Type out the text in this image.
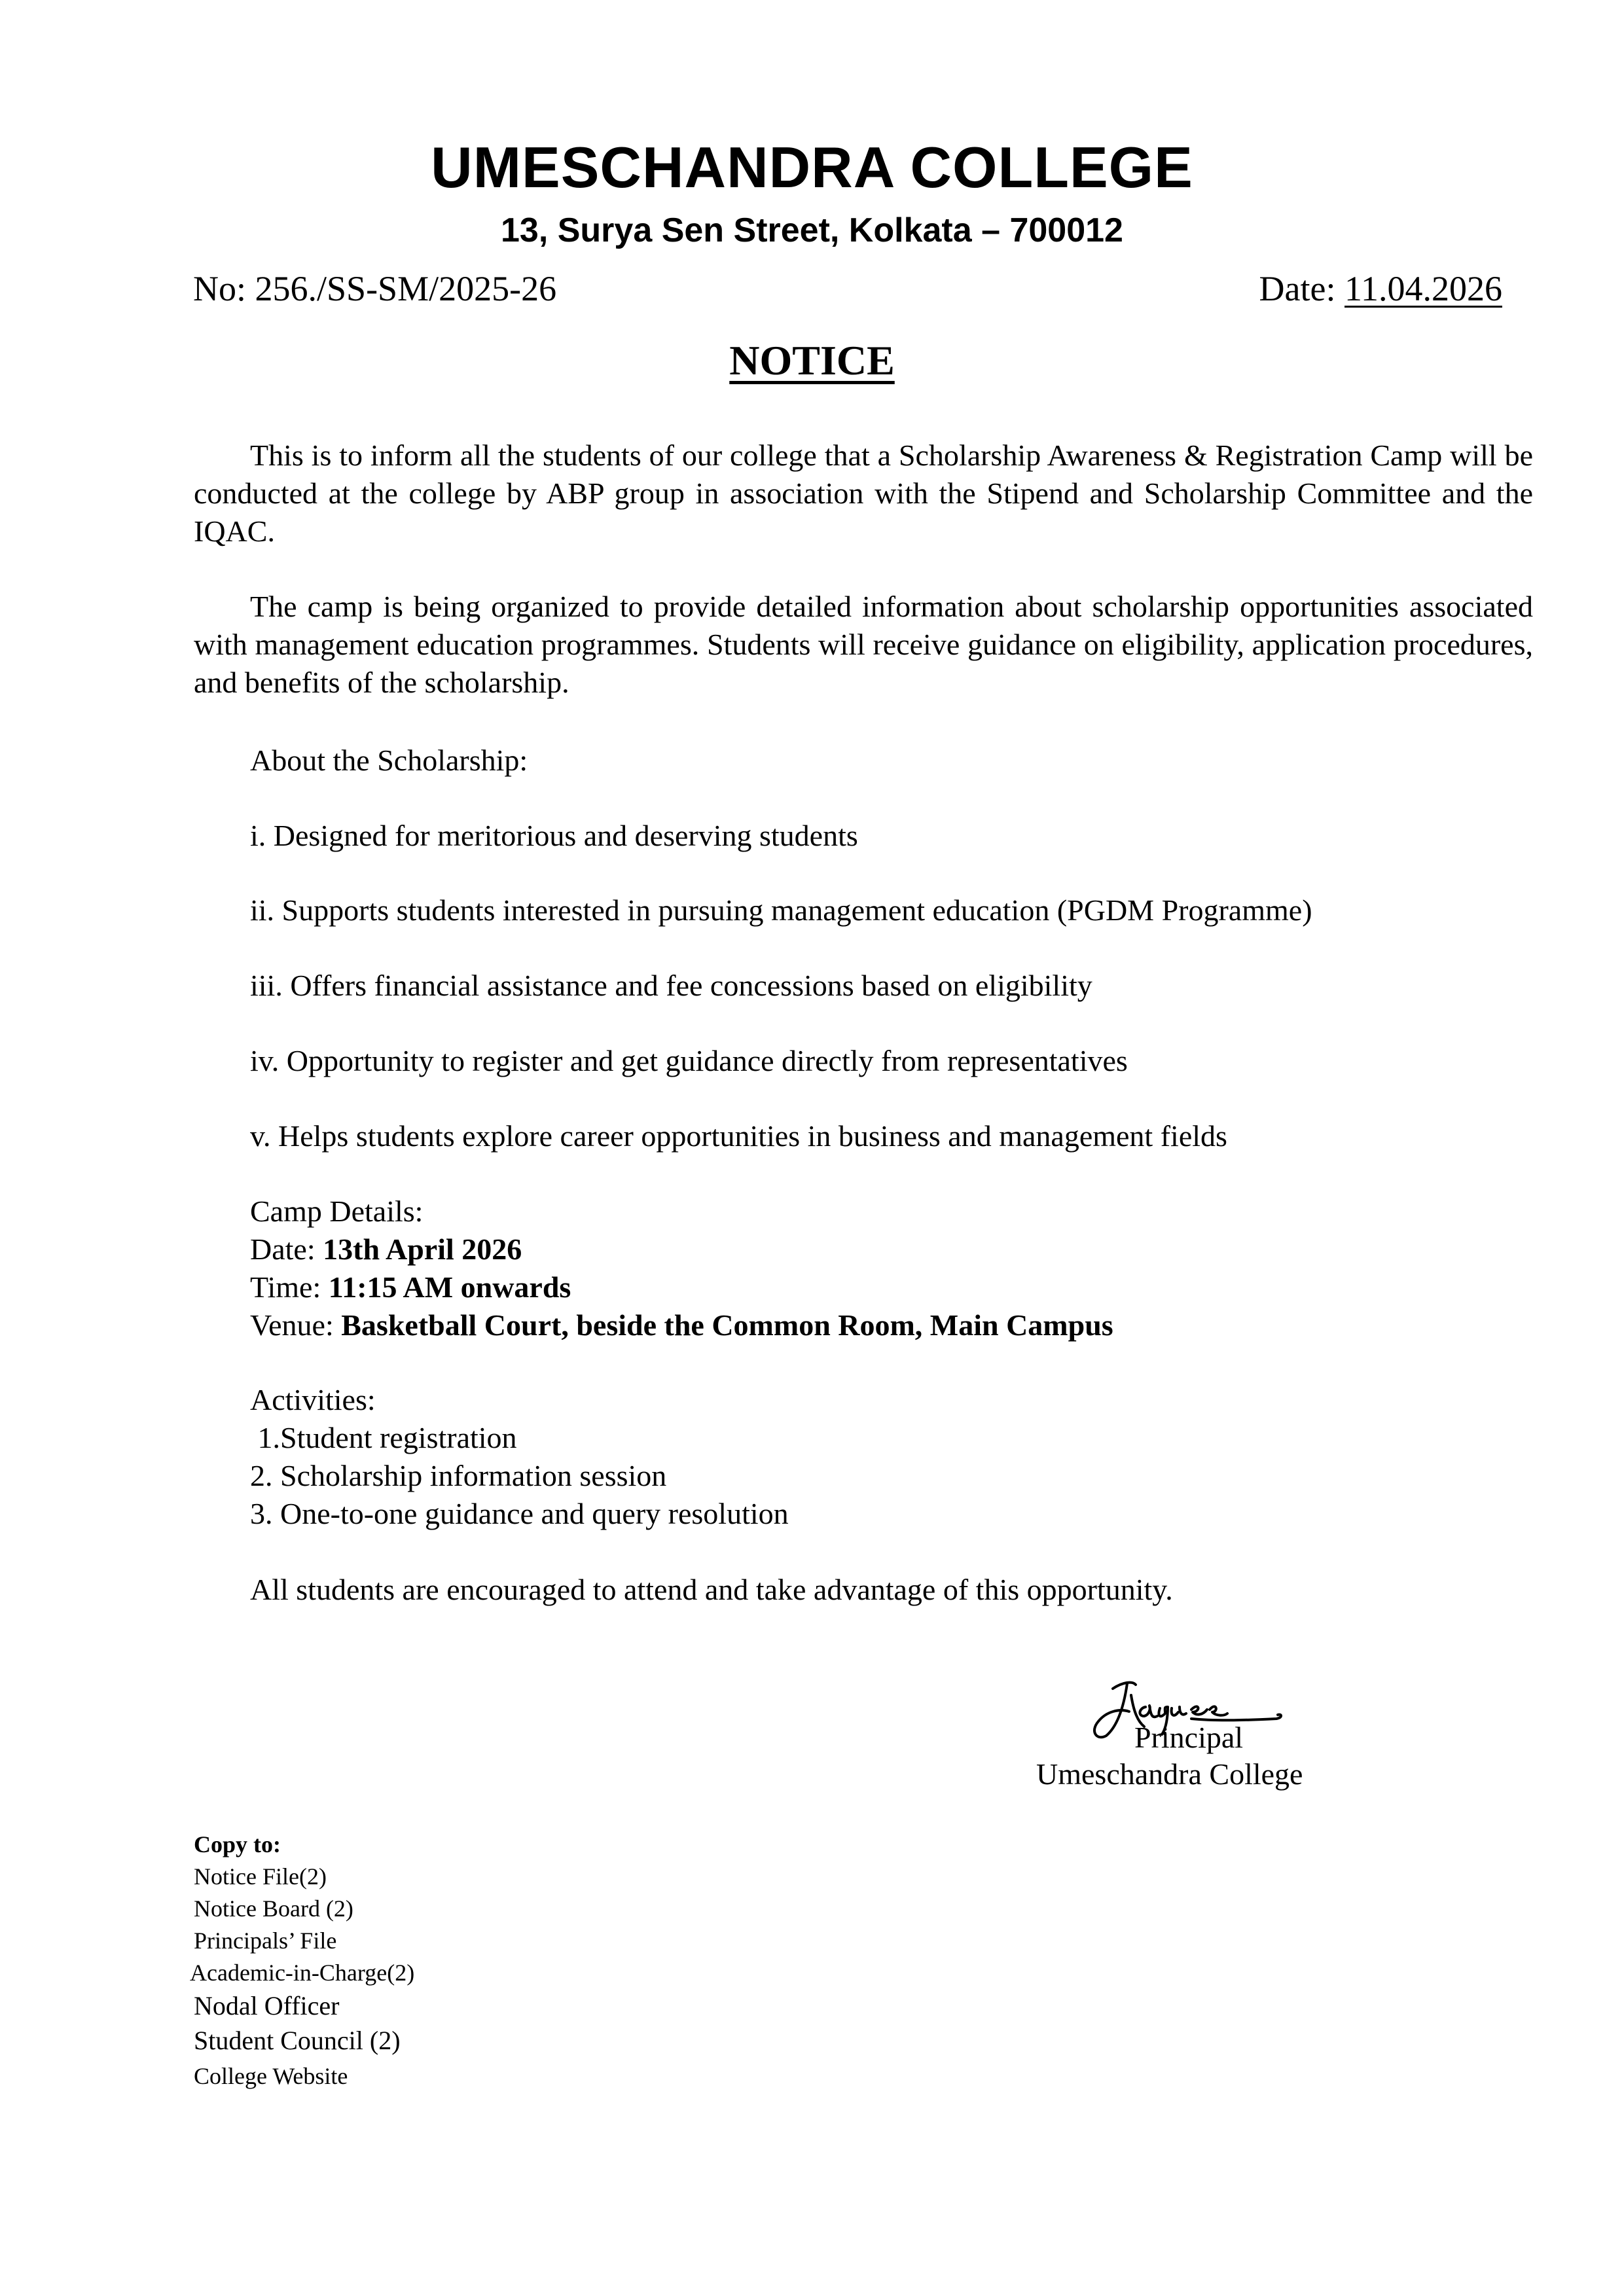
UMESCHANDRA COLLEGE
13, Surya Sen Street, Kolkata – 700012
No: 256./SS-SM/2025-26	Date: 11.04.2026
NOTICE
This is to inform all the students of our college that a Scholarship Awareness & Registration Camp will be conducted at the college by ABP group in association with the Stipend and Scholarship Committee and the IQAC.
The camp is being organized to provide detailed information about scholarship opportunities associated with management education programmes. Students will receive guidance on eligibility, application procedures, and benefits of the scholarship.
About the Scholarship:
i. Designed for meritorious and deserving students
ii. Supports students interested in pursuing management education (PGDM Programme)
iii. Offers financial assistance and fee concessions based on eligibility
iv. Opportunity to register and get guidance directly from representatives
v. Helps students explore career opportunities in business and management fields
Camp Details:
Date: 13th April 2026
Time: 11:15 AM onwards
Venue: Basketball Court, beside the Common Room, Main Campus
Activities:
1.Student registration
2. Scholarship information session
3. One-to-one guidance and query resolution
All students are encouraged to attend and take advantage of this opportunity.
Principal
Umeschandra College
Copy to:
Notice File(2)
Notice Board (2)
Principals’ File
Academic-in-Charge(2)
Nodal Officer
Student Council (2)
College Website
